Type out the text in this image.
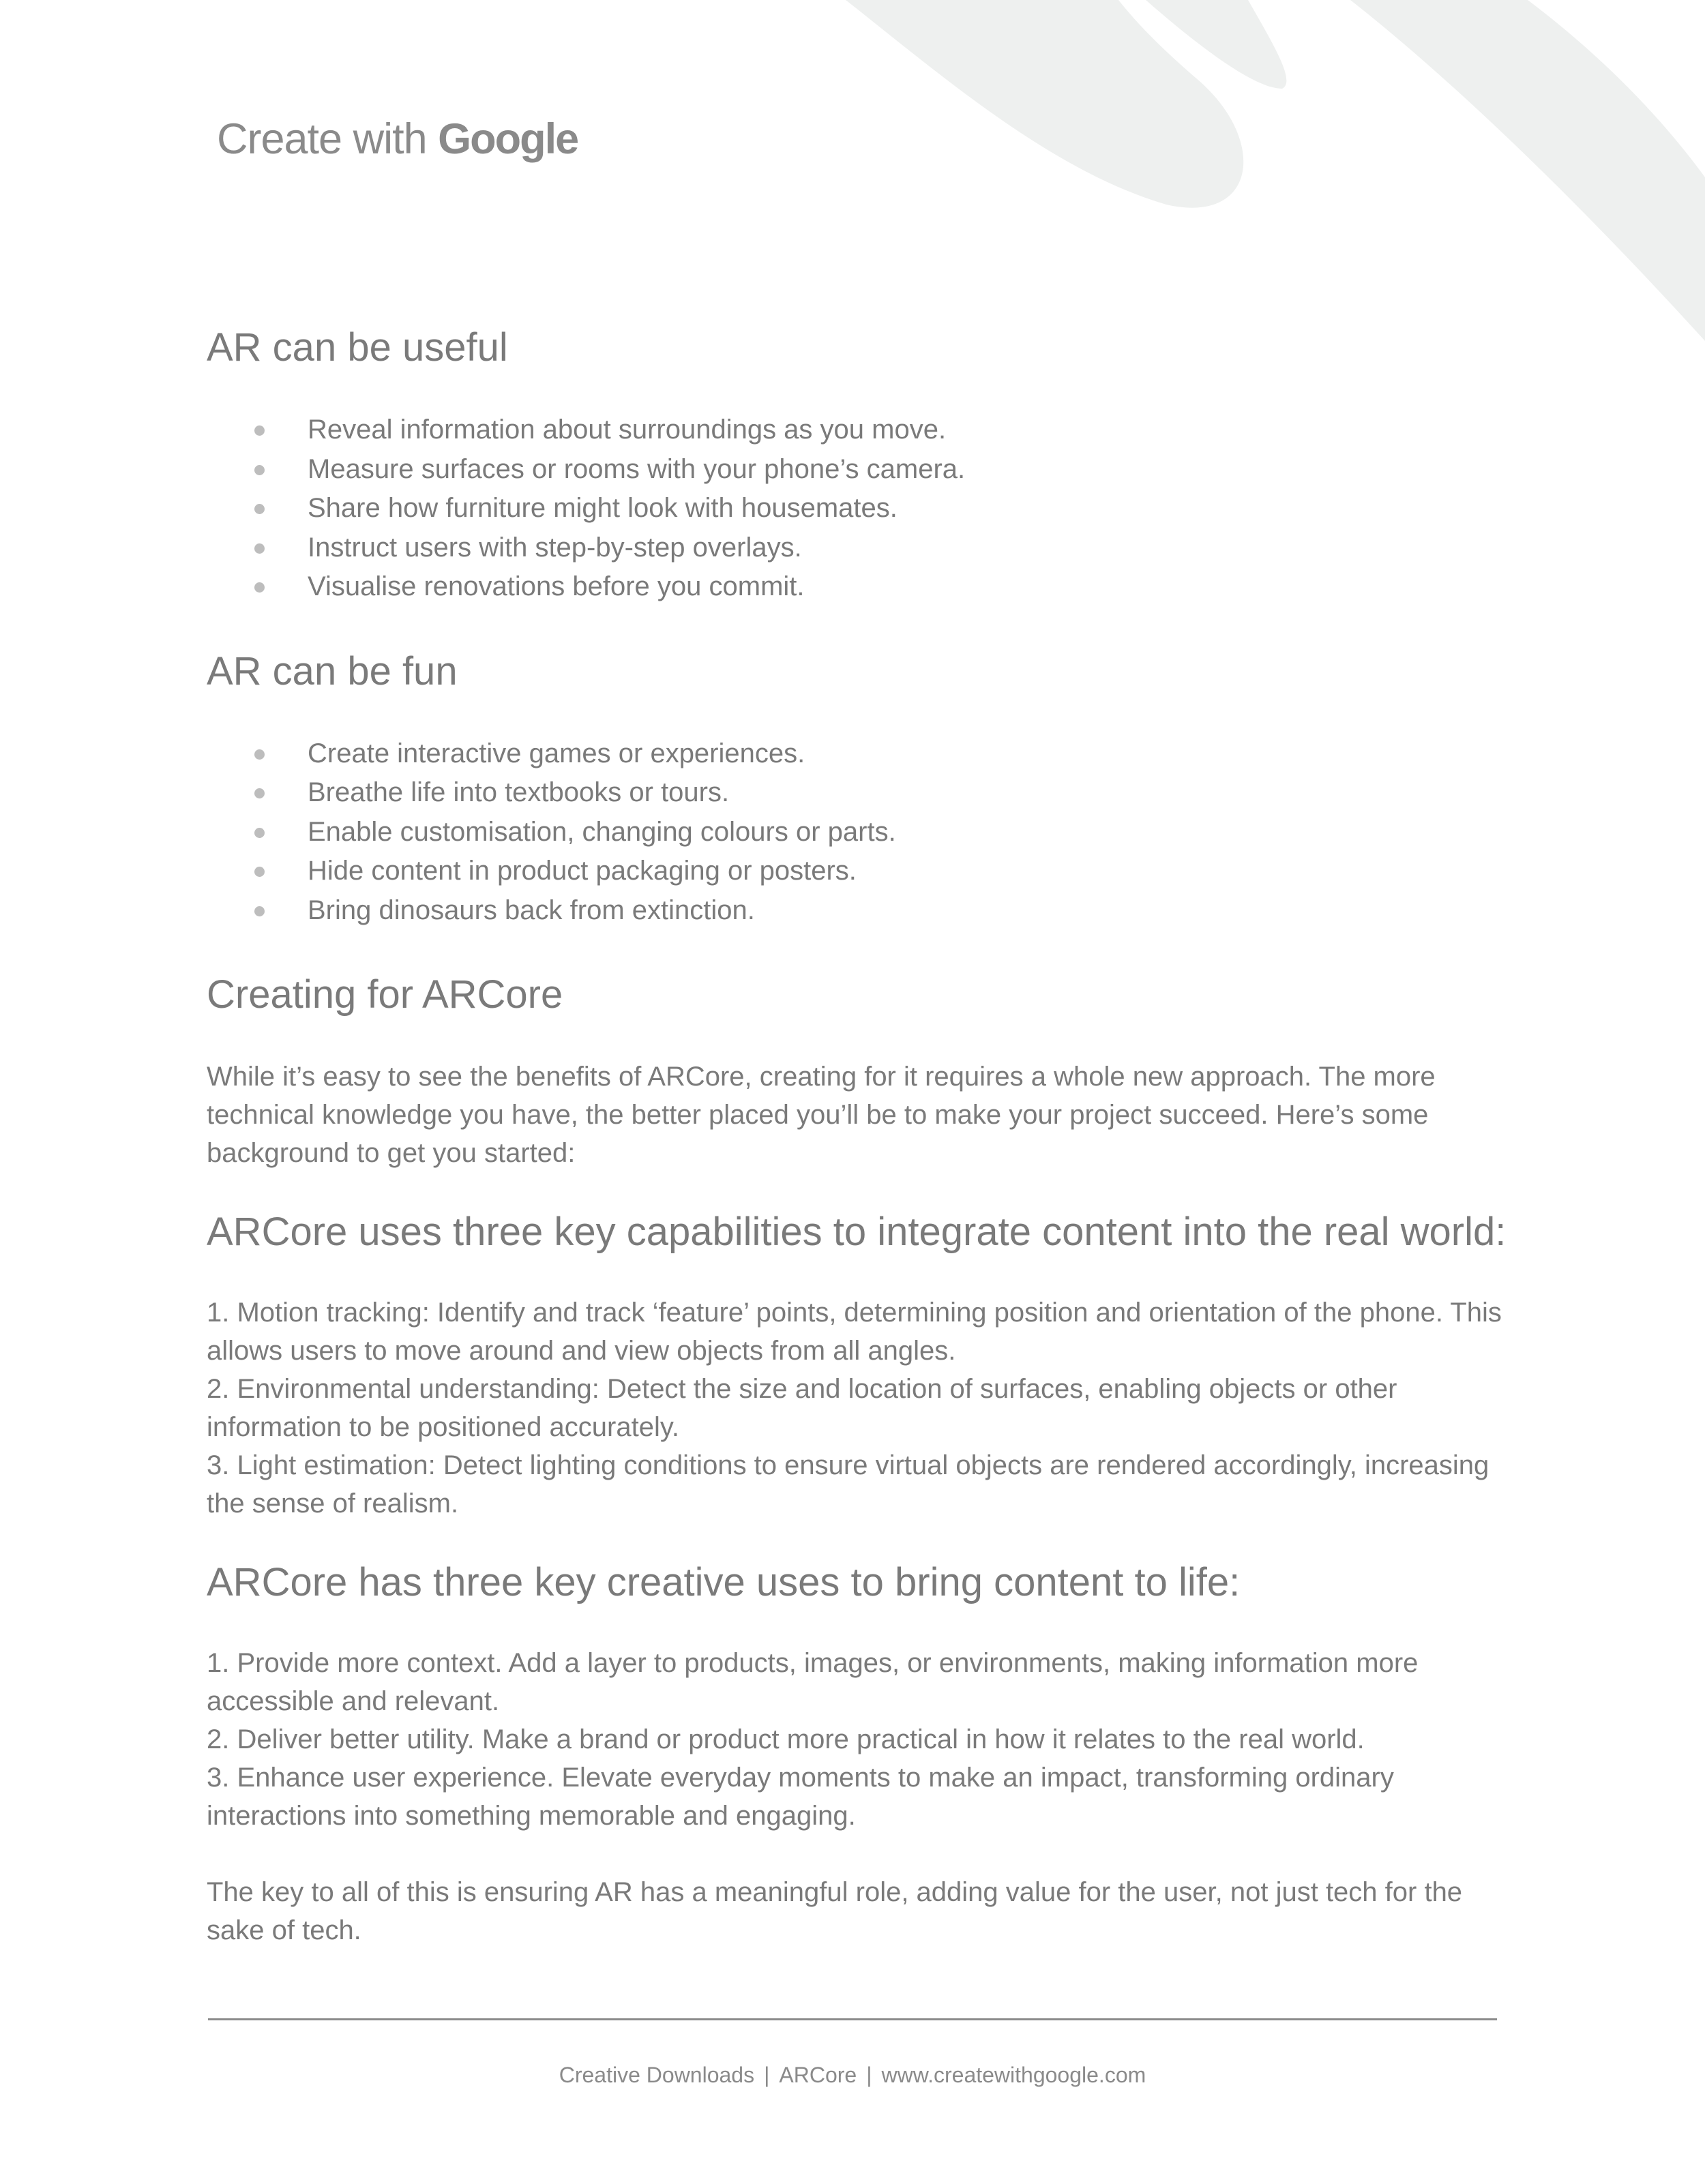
Create with Google
AR can be useful
Reveal information about surroundings as you move.
Measure surfaces or rooms with your phone’s camera.
Share how furniture might look with housemates.
Instruct users with step-by-step overlays.
Visualise renovations before you commit.
AR can be fun
Create interactive games or experiences.
Breathe life into textbooks or tours.
Enable customisation, changing colours or parts.
Hide content in product packaging or posters.
Bring dinosaurs back from extinction.
Creating for ARCore

While it’s easy to see the benefits of ARCore, creating for it requires a whole new approach. The more technical knowledge you have, the better placed you’ll be to make your project succeed. Here’s some background to get you started:

ARCore uses three key capabilities to integrate content into the real world:

1. Motion tracking: Identify and track ‘feature’ points, determining position and orientation of the phone. This allows users to move around and view objects from all angles.

2. Environmental understanding: Detect the size and location of surfaces, enabling objects or other information to be positioned accurately.

3. Light estimation: Detect lighting conditions to ensure virtual objects are rendered accordingly, increasing the sense of realism.

ARCore has three key creative uses to bring content to life:

1. Provide more context. Add a layer to products, images, or environments, making information more accessible and relevant.

2. Deliver better utility. Make a brand or product more practical in how it relates to the real world.

3. Enhance user experience. Elevate everyday moments to make an impact, transforming ordinary interactions into something memorable and engaging.

The key to all of this is ensuring AR has a meaningful role, adding value for the user, not just tech for the sake of tech.

Creative Downloads | ARCore | www.createwithgoogle.com
